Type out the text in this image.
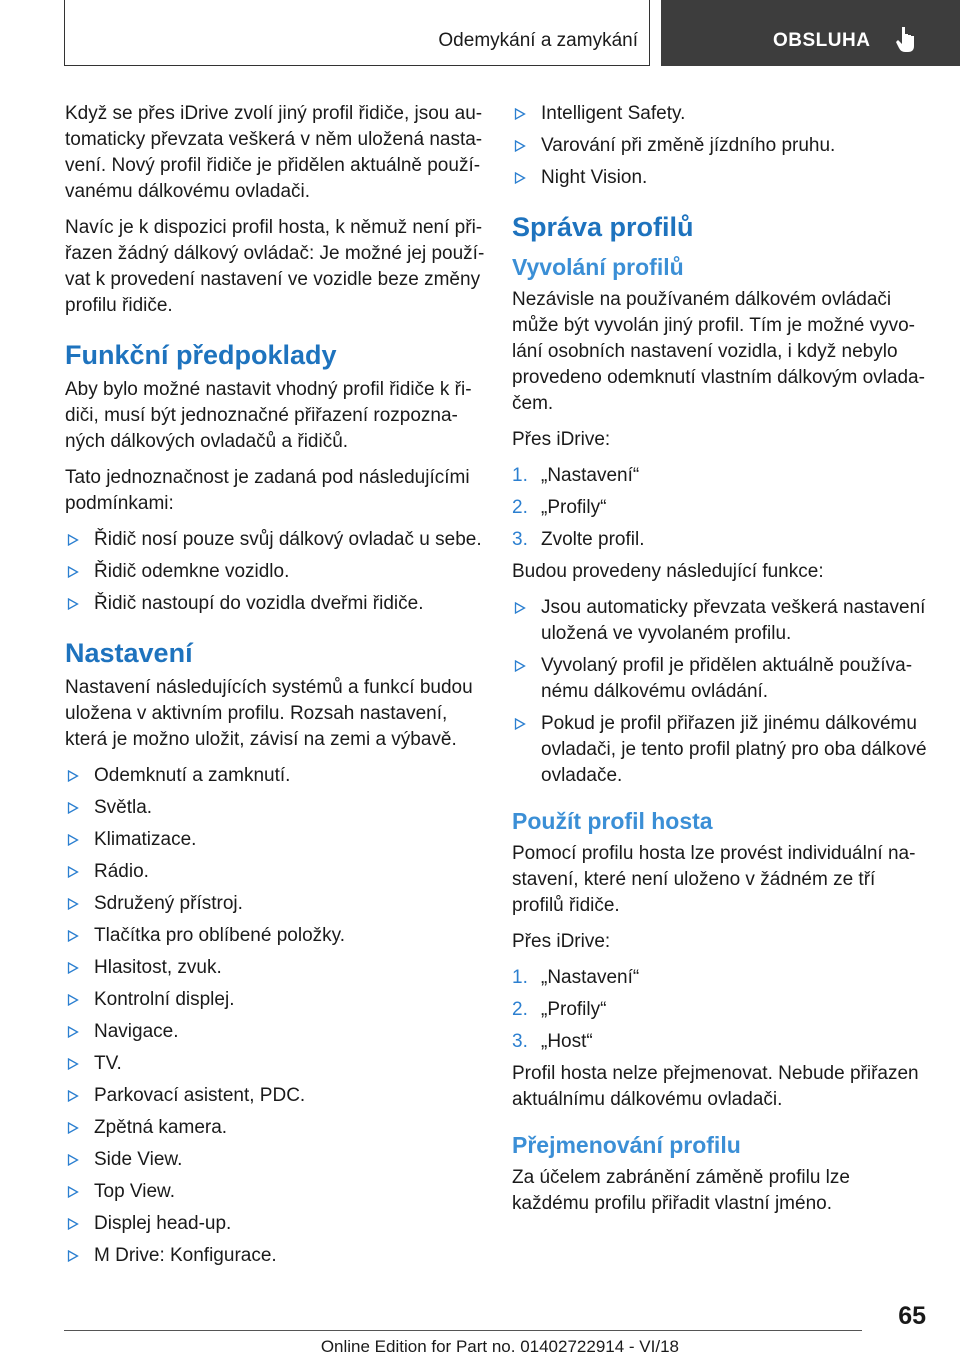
Odemykání a zamykání	OBSLUHA

Když se přes iDrive zvolí jiný profil řidiče, jsou au‐ tomaticky převzata veškerá v něm uložená nasta‐ vení. Nový profil řidiče je přidělen aktuálně použí‐ vanému dálkovému ovladači.

Navíc je k dispozici profil hosta, k němuž není při‐ řazen žádný dálkový ovládač: Je možné jej použí‐ vat k provedení nastavení ve vozidle beze změny profilu řidiče.

Funkční předpoklady

Aby bylo možné nastavit vhodný profil řidiče k ři‐ diči, musí být jednoznačné přiřazení rozpozna‐ ných dálkových ovladačů a řidičů.

Tato jednoznačnost je zadaná pod následujícími podmínkami:

Řidič nosí pouze svůj dálkový ovladač u sebe.
Řidič odemkne vozidlo.
Řidič nastoupí do vozidla dveřmi řidiče.
Nastavení

Nastavení následujících systémů a funkcí budou uložena v aktivním profilu. Rozsah nastavení, která je možno uložit, závisí na zemi a výbavě.

Odemknutí a zamknutí.
Světla.
Klimatizace.
Rádio.
Sdružený přístroj.
Tlačítka pro oblíbené položky.
Hlasitost, zvuk.
Kontrolní displej.
Navigace.
TV.
Parkovací asistent, PDC.
Zpětná kamera.
Side View.
Top View.
Displej head-up.
M Drive: Konfigurace.
Intelligent Safety.
Varování při změně jízdního pruhu.
Night Vision.
Správa profilů
Vyvolání profilů

Nezávisle na používaném dálkovém ovládači může být vyvolán jiný profil. Tím je možné vyvo‐ lání osobních nastavení vozidla, i když nebylo provedeno odemknutí vlastním dálkovým ovlada‐ čem.

Přes iDrive:

1. „Nastavení“
2. „Profily“
3. Zvolte profil.

Budou provedeny následující funkce:

Jsou automaticky převzata veškerá nastavení uložená ve vyvolaném profilu.
Vyvolaný profil je přidělen aktuálně používa‐ nému dálkovému ovládání.
Pokud je profil přiřazen již jinému dálkovému ovladači, je tento profil platný pro oba dálkové ovladače.
Použít profil hosta

Pomocí profilu hosta lze provést individuální na‐ stavení, které není uloženo v žádném ze tří profilů řidiče.

Přes iDrive:

1. „Nastavení“
2. „Profily“
3. „Host“

Profil hosta nelze přejmenovat. Nebude přiřazen aktuálnímu dálkovému ovladači.

Přejmenování profilu

Za účelem zabránění záměně profilu lze každému profilu přiřadit vlastní jméno.

65
Online Edition for Part no. 01402722914 - VI/18
